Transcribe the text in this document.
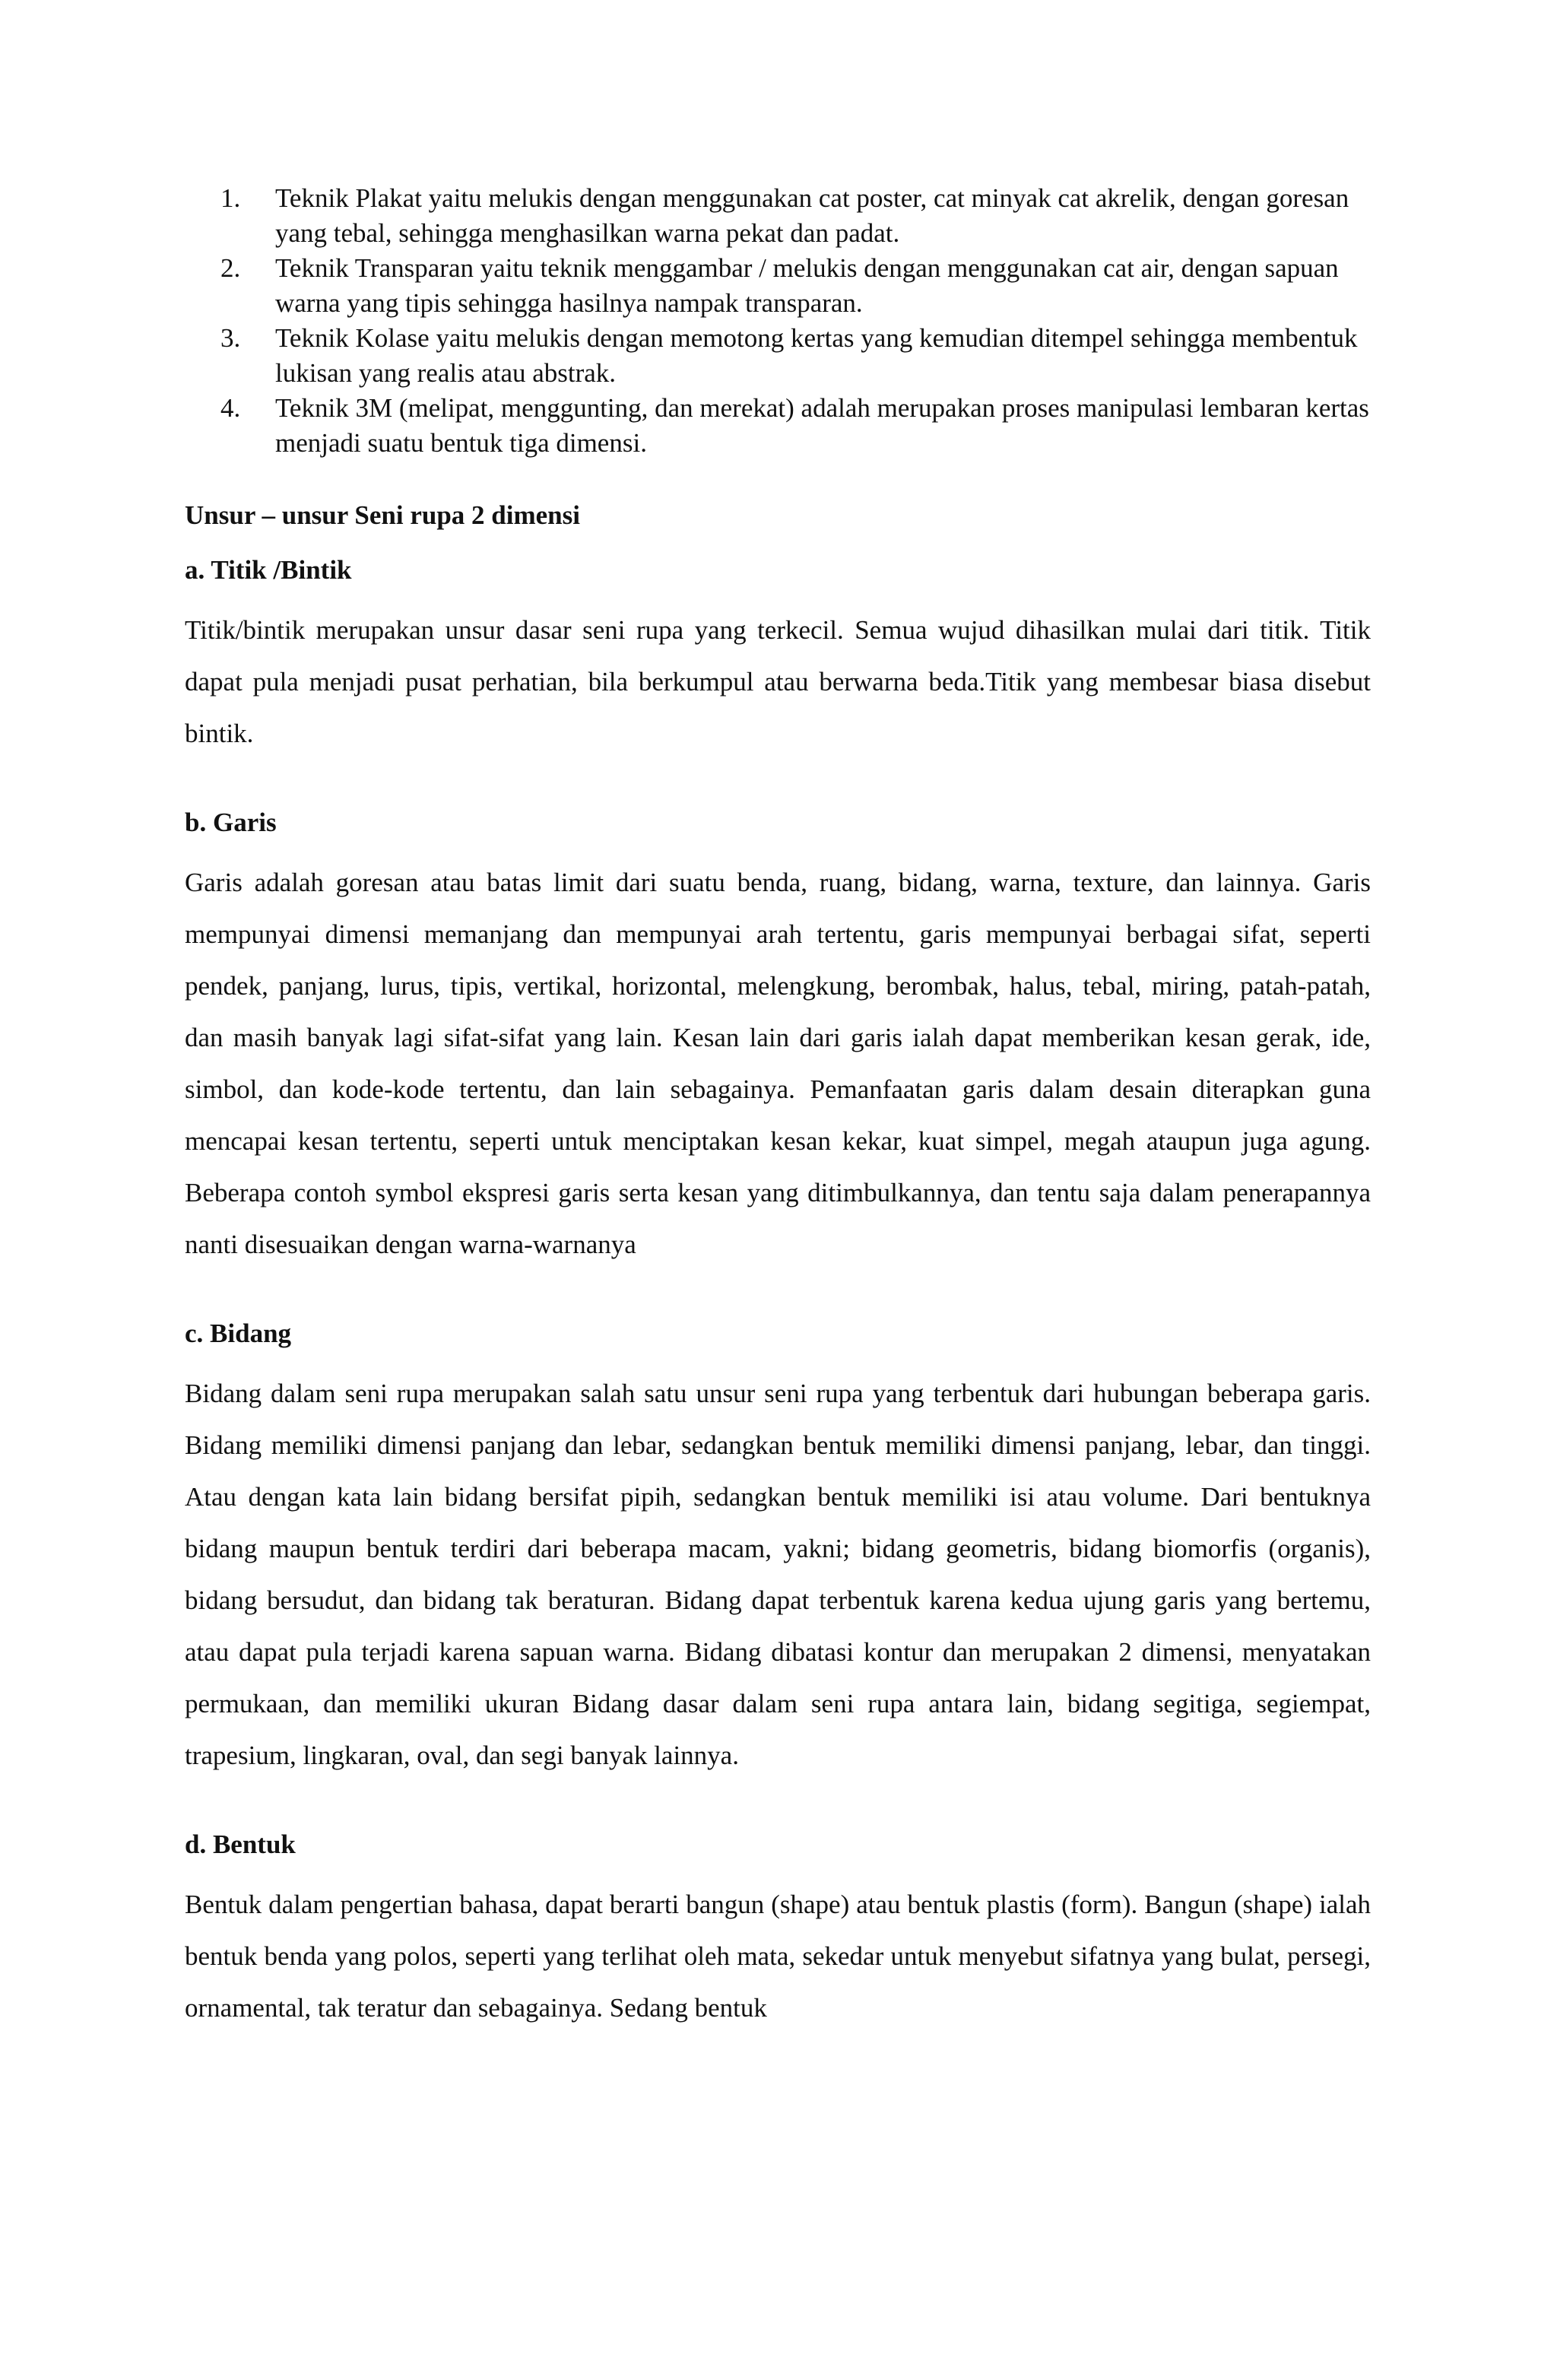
1. Teknik Plakat yaitu melukis dengan menggunakan cat poster, cat minyak cat akrelik, dengan goresan yang tebal, sehingga menghasilkan warna pekat dan padat.
2. Teknik Transparan yaitu teknik menggambar / melukis dengan menggunakan cat air, dengan sapuan warna yang tipis sehingga hasilnya nampak transparan.
3. Teknik Kolase yaitu melukis dengan memotong kertas yang kemudian ditempel sehingga membentuk lukisan yang realis atau abstrak.
4. Teknik 3M (melipat, menggunting, dan merekat) adalah merupakan proses manipulasi lembaran kertas menjadi suatu bentuk tiga dimensi.
Unsur – unsur Seni rupa 2 dimensi
a. Titik /Bintik

Titik/bintik merupakan unsur dasar seni rupa yang terkecil. Semua wujud dihasilkan mulai dari titik. Titik dapat pula menjadi pusat perhatian, bila berkumpul atau berwarna beda.Titik yang membesar biasa disebut bintik.

b. Garis

Garis adalah goresan atau batas limit dari suatu benda, ruang, bidang, warna, texture, dan lainnya. Garis mempunyai dimensi memanjang dan mempunyai arah tertentu, garis mempunyai berbagai sifat, seperti pendek, panjang, lurus, tipis, vertikal, horizontal, melengkung, berombak, halus, tebal, miring, patah-patah, dan masih banyak lagi sifat-sifat yang lain. Kesan lain dari garis ialah dapat memberikan kesan gerak, ide, simbol, dan kode-kode tertentu, dan lain sebagainya. Pemanfaatan garis dalam desain diterapkan guna mencapai kesan tertentu, seperti untuk menciptakan kesan kekar, kuat simpel, megah ataupun juga agung. Beberapa contoh symbol ekspresi garis serta kesan yang ditimbulkannya, dan tentu saja dalam penerapannya nanti disesuaikan dengan warna-warnanya

c. Bidang

Bidang dalam seni rupa merupakan salah satu unsur seni rupa yang terbentuk dari hubungan beberapa garis. Bidang memiliki dimensi panjang dan lebar, sedangkan bentuk memiliki dimensi panjang, lebar, dan tinggi. Atau dengan kata lain bidang bersifat pipih, sedangkan bentuk memiliki isi atau volume. Dari bentuknya bidang maupun bentuk terdiri dari beberapa macam, yakni; bidang geometris, bidang biomorfis (organis), bidang bersudut, dan bidang tak beraturan. Bidang dapat terbentuk karena kedua ujung garis yang bertemu, atau dapat pula terjadi karena sapuan warna. Bidang dibatasi kontur dan merupakan 2 dimensi, menyatakan permukaan, dan memiliki ukuran Bidang dasar dalam seni rupa antara lain, bidang segitiga, segiempat, trapesium, lingkaran, oval, dan segi banyak lainnya.

d. Bentuk

Bentuk dalam pengertian bahasa, dapat berarti bangun (shape) atau bentuk plastis (form). Bangun (shape) ialah bentuk benda yang polos, seperti yang terlihat oleh mata, sekedar untuk menyebut sifatnya yang bulat, persegi, ornamental, tak teratur dan sebagainya. Sedang bentuk
